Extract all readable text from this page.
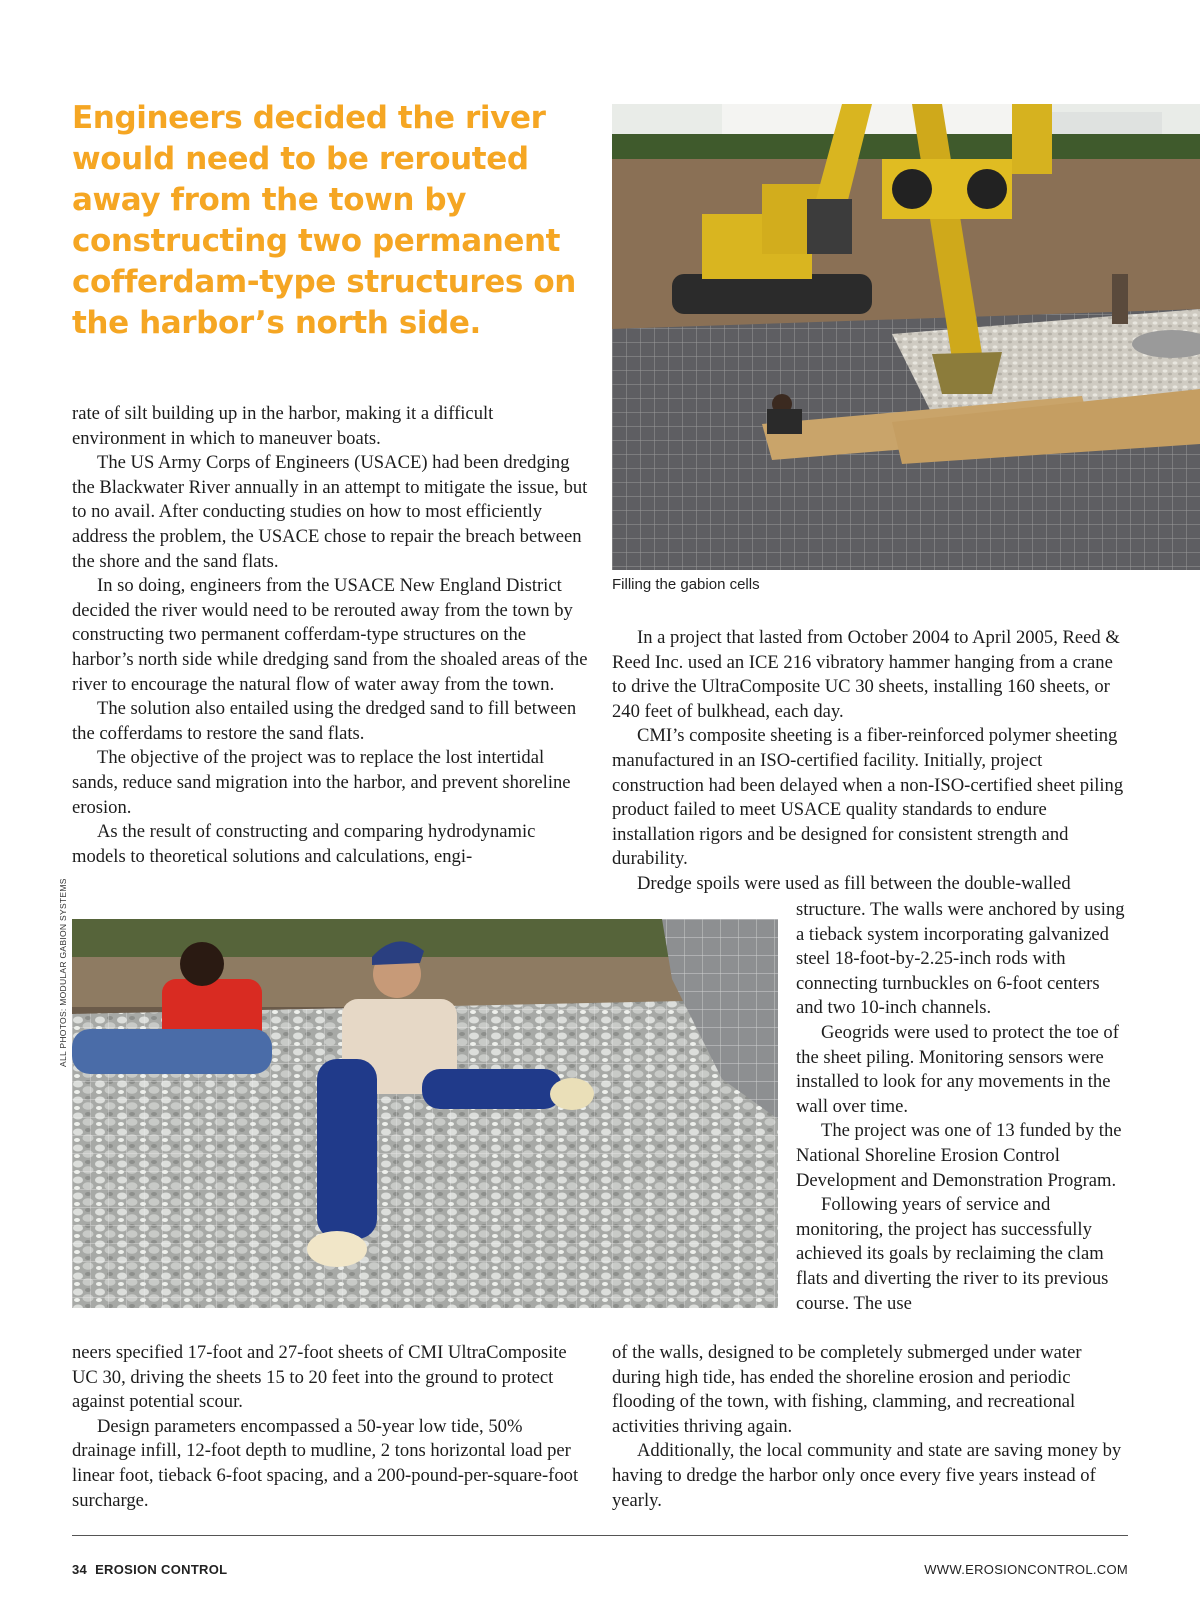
Engineers decided the river would need to be rerouted away from the town by constructing two permanent cofferdam-type structures on the harbor’s north side.
Filling the gabion cells

rate of silt building up in the harbor, making it a difficult environment in which to maneuver boats.

The US Army Corps of Engineers (USACE) had been dredging the Blackwater River annually in an attempt to mitigate the issue, but to no avail. After conducting studies on how to most efficiently address the problem, the USACE chose to repair the breach between the shore and the sand flats.

In so doing, engineers from the USACE New England District decided the river would need to be rerouted away from the town by constructing two permanent cofferdam-type structures on the harbor’s north side while dredging sand from the shoaled areas of the river to encourage the natural flow of water away from the town.

The solution also entailed using the dredged sand to fill between the cofferdams to restore the sand flats.

The objective of the project was to replace the lost intertidal sands, reduce sand migration into the harbor, and prevent shoreline erosion.

As the result of constructing and comparing hydrodynamic models to theoretical solutions and calculations, engi-

In a project that lasted from October 2004 to April 2005, Reed & Reed Inc. used an ICE 216 vibratory hammer hanging from a crane to drive the UltraComposite UC 30 sheets, installing 160 sheets, or 240 feet of bulkhead, each day.

CMI’s composite sheeting is a fiber-reinforced polymer sheeting manufactured in an ISO-certified facility. Initially, project construction had been delayed when a non-ISO-certified sheet piling product failed to meet USACE quality standards to endure installation rigors and be designed for consistent strength and durability.

Dredge spoils were used as fill between the double-walled

ALL PHOTOS: MODULAR GABION SYSTEMS	structure. The walls were anchored by using a tieback system incorporating galvanized steel 18-foot-by-2.25-inch rods with connecting turnbuckles on 6-foot centers and two 10-inch channels.

Geogrids were used to protect the toe of the sheet piling. Monitoring sensors were installed to look for any movements in the wall over time.

The project was one of 13 funded by the National Shoreline Erosion Control Development and Demonstration Program.

Following years of service and monitoring, the project has successfully achieved its goals by reclaiming the clam flats and diverting the river to its previous course. The use

neers specified 17-foot and 27-foot sheets of CMI UltraComposite UC 30, driving the sheets 15 to 20 feet into the ground to protect against potential scour.

Design parameters encompassed a 50-year low tide, 50% drainage infill, 12-foot depth to mudline, 2 tons horizontal load per linear foot, tieback 6-foot spacing, and a 200-pound-per-square-foot surcharge.

of the walls, designed to be completely submerged under water during high tide, has ended the shoreline erosion and periodic flooding of the town, with fishing, clamming, and recreational activities thriving again.

Additionally, the local community and state are saving money by having to dredge the harbor only once every five years instead of yearly.

34 EROSION CONTROL	WWW.EROSIONCONTROL.COM
